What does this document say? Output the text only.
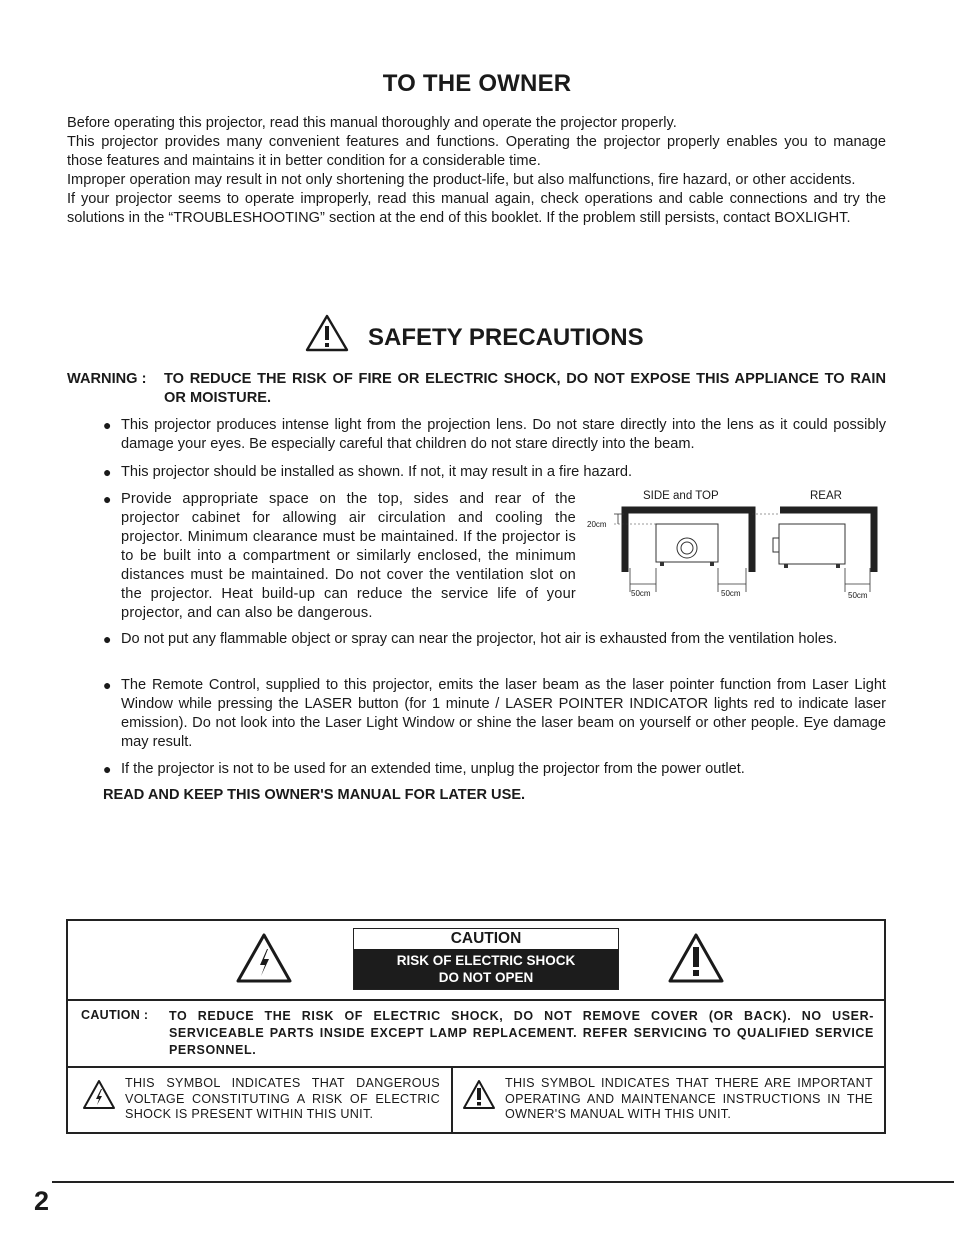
TO THE OWNER

Before operating this projector, read this manual thoroughly and operate the projector properly.

This projector provides many convenient features and functions. Operating the projector properly enables you to manage those features and maintains it in better condition for a considerable time.

Improper operation may result in not only shortening the product-life, but also malfunctions, fire hazard, or other accidents.

If your projector seems to operate improperly, read this manual again, check operations and cable connections and try the solutions in the “TROUBLESHOOTING” section at the end of this booklet. If the problem still persists, contact BOXLIGHT.

SAFETY PRECAUTIONS
WARNING : TO REDUCE THE RISK OF FIRE OR ELECTRIC SHOCK, DO NOT EXPOSE THIS APPLIANCE TO RAIN OR MOISTURE.
● This projector produces intense light from the projection lens. Do not stare directly into the lens as it could possibly damage your eyes. Be especially careful that children do not stare directly into the beam.
● This projector should be installed as shown. If not, it may result in a fire hazard.
● Provide appropriate space on the top, sides and rear of the projector cabinet for allowing air circulation and cooling the projector. Minimum clearance must be maintained. If the projector is to be built into a compartment or similarly enclosed, the minimum distances must be maintained. Do not cover the ventilation slot on the projector. Heat build-up can reduce the service life of your projector, and can also be dangerous.
SIDE and TOP	REAR
20cm
50cm	50cm	50cm
● Do not put any flammable object or spray can near the projector, hot air is exhausted from the ventilation holes.
● The Remote Control, supplied to this projector, emits the laser beam as the laser pointer function from Laser Light Window while pressing the LASER button (for 1 minute / LASER POINTER INDICATOR lights red to indicate laser emission). Do not look into the Laser Light Window or shine the laser beam on yourself or other people. Eye damage may result.
● If the projector is not to be used for an extended time, unplug the projector from the power outlet.
READ AND KEEP THIS OWNER'S MANUAL FOR LATER USE.
CAUTION
RISK OF ELECTRIC SHOCK
DO NOT OPEN
CAUTION : TO REDUCE THE RISK OF ELECTRIC SHOCK, DO NOT REMOVE COVER (OR BACK). NO USER-SERVICEABLE PARTS INSIDE EXCEPT LAMP REPLACEMENT. REFER SERVICING TO QUALIFIED SERVICE PERSONNEL.
THIS SYMBOL INDICATES THAT DANGEROUS VOLTAGE CONSTITUTING A RISK OF ELECTRIC SHOCK IS PRESENT WITHIN THIS UNIT.
THIS SYMBOL INDICATES THAT THERE ARE IMPORTANT OPERATING AND MAINTENANCE INSTRUCTIONS IN THE OWNER'S MANUAL WITH THIS UNIT.
2
